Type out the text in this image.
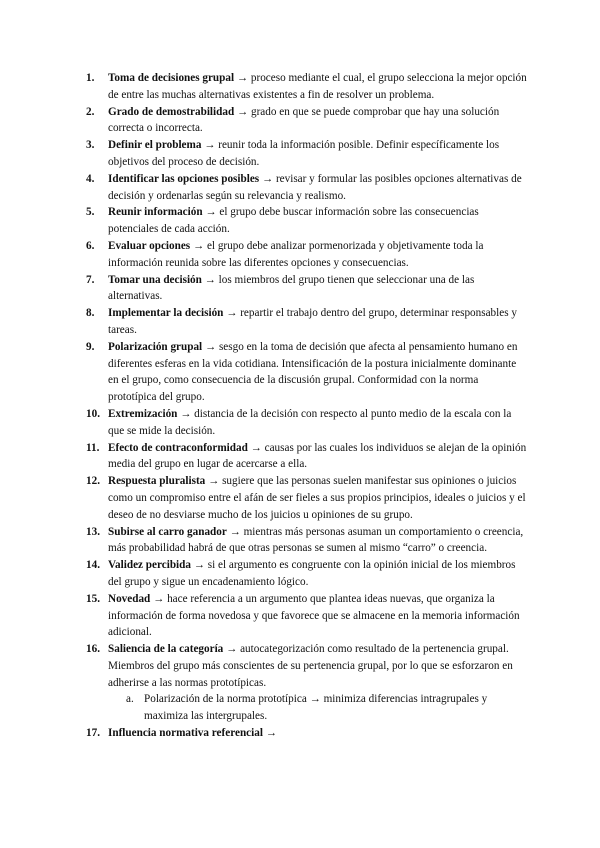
1. Toma de decisiones grupal → proceso mediante el cual, el grupo selecciona la mejor opción de entre las muchas alternativas existentes a fin de resolver un problema.
2. Grado de demostrabilidad → grado en que se puede comprobar que hay una solución correcta o incorrecta.
3. Definir el problema → reunir toda la información posible. Definir específicamente los objetivos del proceso de decisión.
4. Identificar las opciones posibles → revisar y formular las posibles opciones alternativas de decisión y ordenarlas según su relevancia y realismo.
5. Reunir información → el grupo debe buscar información sobre las consecuencias potenciales de cada acción.
6. Evaluar opciones → el grupo debe analizar pormenorizada y objetivamente toda la información reunida sobre las diferentes opciones y consecuencias.
7. Tomar una decisión → los miembros del grupo tienen que seleccionar una de las alternativas.
8. Implementar la decisión → repartir el trabajo dentro del grupo, determinar responsables y tareas.
9. Polarización grupal → sesgo en la toma de decisión que afecta al pensamiento humano en diferentes esferas en la vida cotidiana. Intensificación de la postura inicialmente dominante en el grupo, como consecuencia de la discusión grupal. Conformidad con la norma prototípica del grupo.
10. Extremización → distancia de la decisión con respecto al punto medio de la escala con la que se mide la decisión.
11. Efecto de contraconformidad → causas por las cuales los individuos se alejan de la opinión media del grupo en lugar de acercarse a ella.
12. Respuesta pluralista → sugiere que las personas suelen manifestar sus opiniones o juicios como un compromiso entre el afán de ser fieles a sus propios principios, ideales o juicios y el deseo de no desviarse mucho de los juicios u opiniones de su grupo.
13. Subirse al carro ganador → mientras más personas asuman un comportamiento o creencia, más probabilidad habrá de que otras personas se sumen al mismo “carro” o creencia.
14. Validez percibida → si el argumento es congruente con la opinión inicial de los miembros del grupo y sigue un encadenamiento lógico.
15. Novedad → hace referencia a un argumento que plantea ideas nuevas, que organiza la información de forma novedosa y que favorece que se almacene en la memoria información adicional.
16. Saliencia de la categoría → autocategorización como resultado de la pertenencia grupal. Miembros del grupo más conscientes de su pertenencia grupal, por lo que se esforzaron en adherirse a las normas prototípicas.
a. Polarización de la norma prototípica → minimiza diferencias intragrupales y maximiza las intergrupales.
17. Influencia normativa referencial →
